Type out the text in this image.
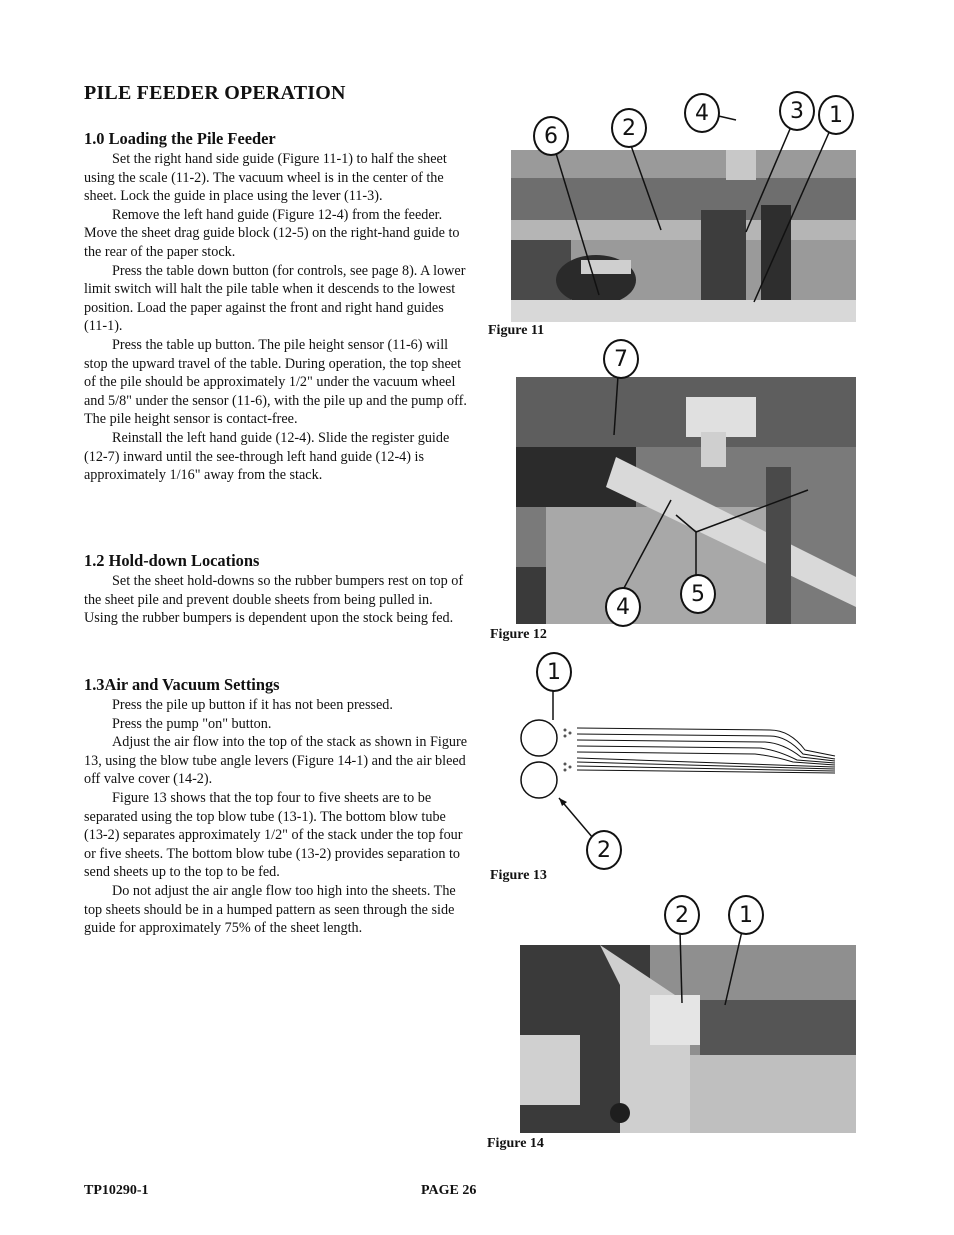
PILE FEEDER OPERATION
1.0 Loading the Pile Feeder

Set the right hand side guide (Figure 11-1) to half the sheet using the scale (11-2). The vacuum wheel is in the center of the sheet. Lock the guide in place using the lever (11-3).

Remove the left hand guide (Figure 12-4) from the feeder. Move the sheet drag guide block (12-5) on the right-hand guide to the rear of the paper stock.

Press the table down button (for controls, see page 8). A lower limit switch will halt the pile table when it descends to the lowest position. Load the paper against the front and right hand guides (11-1).

Press the table up button. The pile height sensor (11-6) will stop the upward travel of the table. During operation, the top sheet of the pile should be approximately 1/2" under the vacuum wheel and 5/8" under the sensor (11-6), with the pile up and the pump off. The pile height sensor is contact-free.

Reinstall the left hand guide (12-4). Slide the register guide (12-7) inward until the see-through left hand guide (12-4) is approximately 1/16" away from the stack.

1.2 Hold-down Locations

Set the sheet hold-downs so the rubber bumpers rest on top of the sheet pile and prevent double sheets from being pulled in. Using the rubber bumpers is dependent upon the stock being fed.

1.3Air and Vacuum Settings

Press the pile up button if it has not been pressed.

Press the pump "on" button.

Adjust the air flow into the top of the stack as shown in Figure 13, using the blow tube angle levers (Figure 14-1) and the air bleed off valve cover (14-2).

Figure 13 shows that the top four to five sheets are to be separated using the top blow tube (13-1). The bottom blow tube (13-2) separates approximately 1/2" of the stack under the top four or five sheets. The bottom blow tube (13-2) provides separation to send sheets up to the top to be fed.

Do not adjust the air angle flow too high into the sheets. The top sheets should be in a humped pattern as seen through the side guide for approximately 75% of the sheet length.

6	2
4	3	1
Figure 11
7
4
5
Figure 12
1
2
Figure 13
2	1
Figure 14
TP10290-1	PAGE 26
